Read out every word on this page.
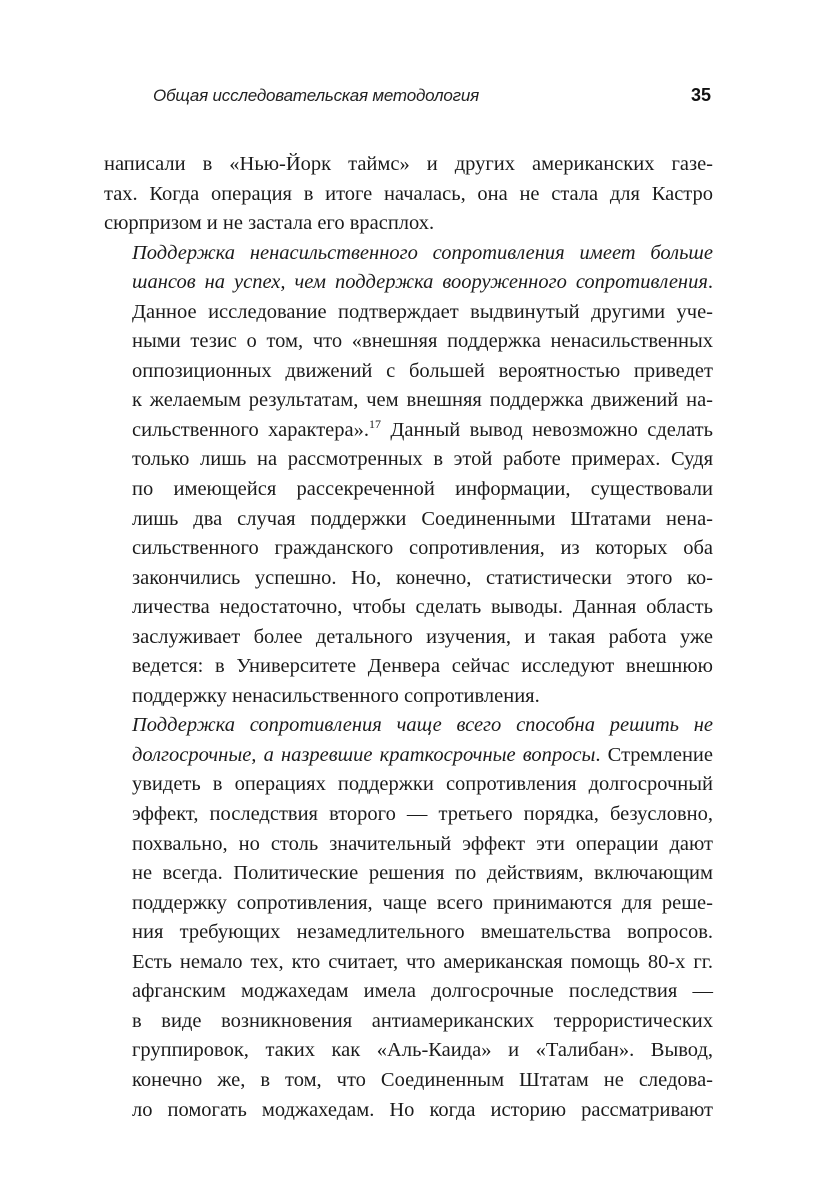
Общая исследовательская методология	35

написали в «Нью-Йорк таймс» и других американских газе-
тах. Когда операция в итоге началась, она не стала для Кастро
сюрпризом и не застала его врасплох.

Поддержка ненасильственного сопротивления имеет больше
шансов на успех, чем поддержка вооруженного сопротивления.
Данное исследование подтверждает выдвинутый другими уче-
ными тезис о том, что «внешняя поддержка ненасильственных
оппозиционных движений с большей вероятностью приведет
к желаемым результатам, чем внешняя поддержка движений на-
сильственного характера».$^{17}$ Данный вывод невозможно сделать
только лишь на рассмотренных в этой работе примерах. Судя
по имеющейся рассекреченной информации, существовали
лишь два случая поддержки Соединенными Штатами нена-
сильственного гражданского сопротивления, из которых оба
закончились успешно. Но, конечно, статистически этого ко-
личества недостаточно, чтобы сделать выводы. Данная область
заслуживает более детального изучения, и такая работа уже
ведется: в Университете Денвера сейчас исследуют внешнюю
поддержку ненасильственного сопротивления.

Поддержка сопротивления чаще всего способна решить не
долгосрочные, а назревшие краткосрочные вопросы. Стремление
увидеть в операциях поддержки сопротивления долгосрочный
эффект, последствия второго — третьего порядка, безусловно,
похвально, но столь значительный эффект эти операции дают
не всегда. Политические решения по действиям, включающим
поддержку сопротивления, чаще всего принимаются для реше-
ния требующих незамедлительного вмешательства вопросов.
Есть немало тех, кто считает, что американская помощь 80-х гг.
афганским моджахедам имела долгосрочные последствия —
в виде возникновения антиамериканских террористических
группировок, таких как «Аль-Каида» и «Талибан». Вывод,
конечно же, в том, что Соединенным Штатам не следова-
ло помогать моджахедам. Но когда историю рассматривают
